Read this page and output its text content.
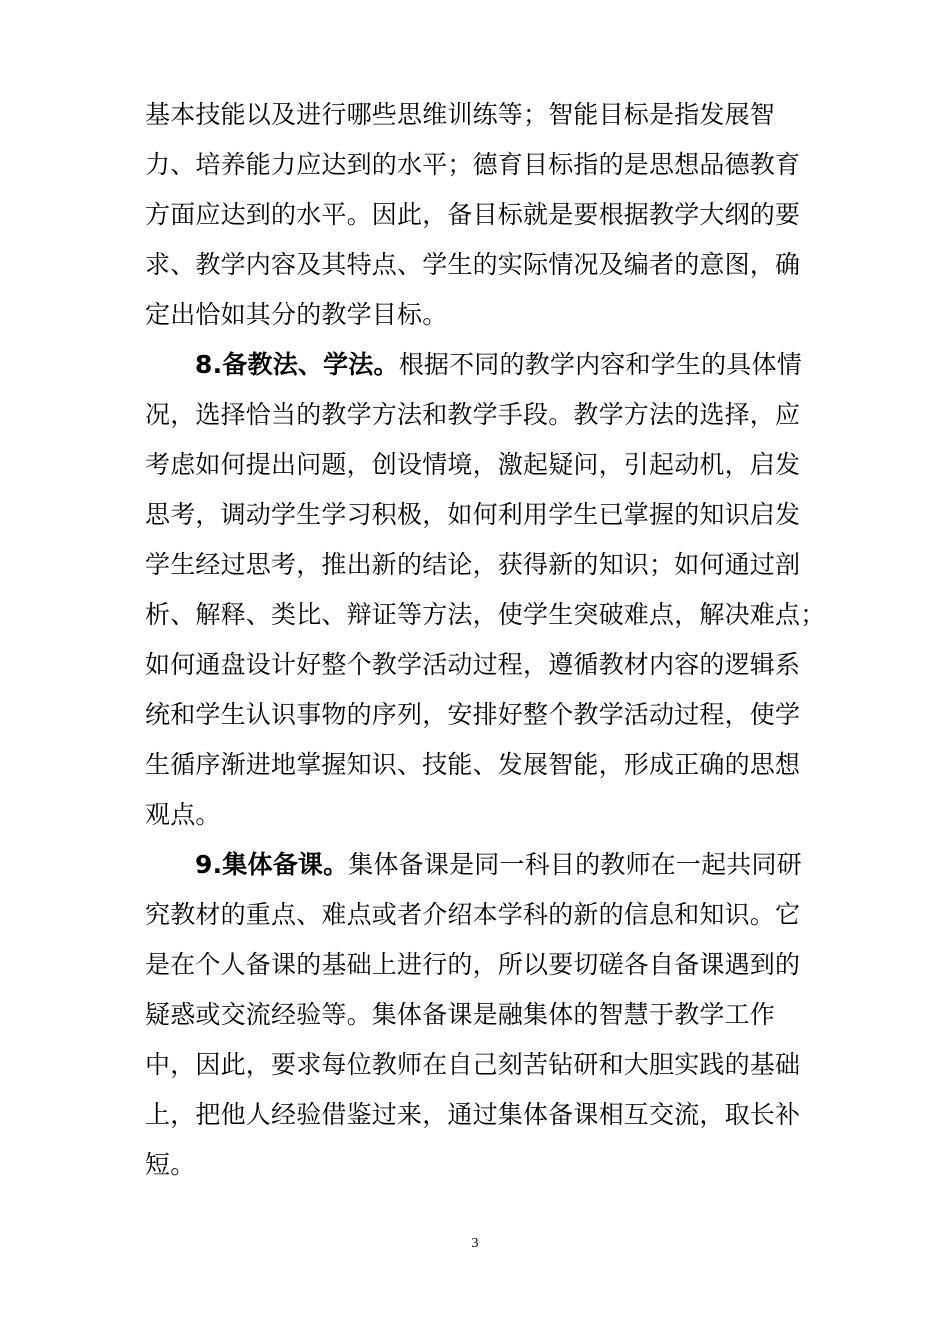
基本技能以及进行哪些思维训练等；智能目标是指发展智
力、培养能力应达到的水平；德育目标指的是思想品德教育
方面应达到的水平。因此，备目标就是要根据教学大纲的要
求、教学内容及其特点、学生的实际情况及编者的意图，确
定出恰如其分的教学目标。
8.备教法、学法。根据不同的教学内容和学生的具体情
况，选择恰当的教学方法和教学手段。教学方法的选择，应
考虑如何提出问题，创设情境，激起疑问，引起动机，启发
思考，调动学生学习积极，如何利用学生已掌握的知识启发
学生经过思考，推出新的结论，获得新的知识；如何通过剖
析、解释、类比、辩证等方法，使学生突破难点，解决难点；
如何通盘设计好整个教学活动过程，遵循教材内容的逻辑系
统和学生认识事物的序列，安排好整个教学活动过程，使学
生循序渐进地掌握知识、技能、发展智能，形成正确的思想
观点。
9.集体备课。集体备课是同一科目的教师在一起共同研
究教材的重点、难点或者介绍本学科的新的信息和知识。它
是在个人备课的基础上进行的，所以要切磋各自备课遇到的
疑惑或交流经验等。集体备课是融集体的智慧于教学工作
中，因此，要求每位教师在自己刻苦钻研和大胆实践的基础
上，把他人经验借鉴过来，通过集体备课相互交流，取长补
短。
3
